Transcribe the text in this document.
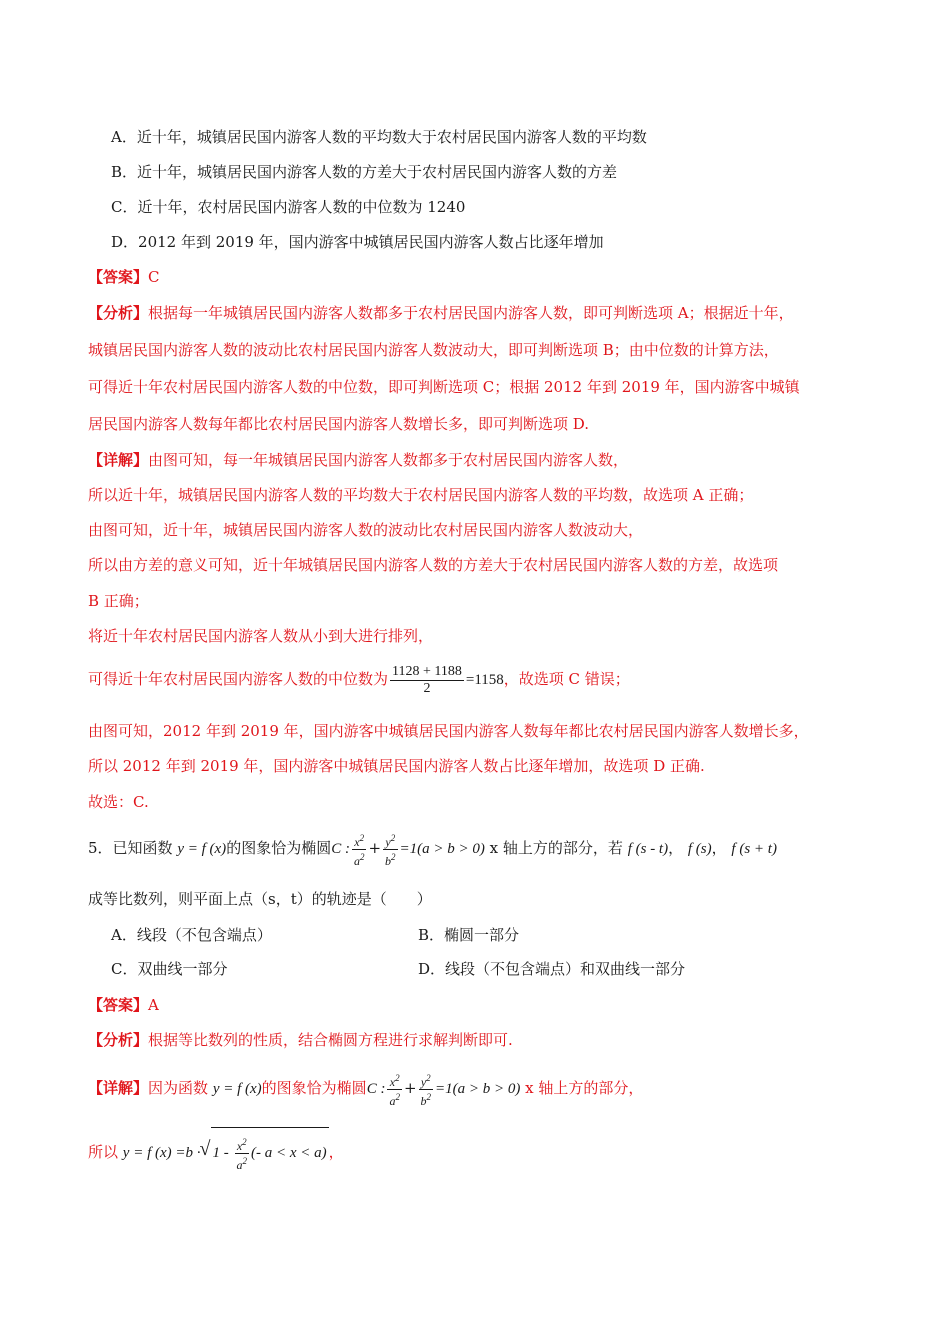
A．近十年，城镇居民国内游客人数的平均数大于农村居民国内游客人数的平均数
B．近十年，城镇居民国内游客人数的方差大于农村居民国内游客人数的方差
C．近十年，农村居民国内游客人数的中位数为 1240
D．2012 年到 2019 年，国内游客中城镇居民国内游客人数占比逐年增加
【答案】C
【分析】根据每一年城镇居民国内游客人数都多于农村居民国内游客人数，即可判断选项 A；根据近十年，
城镇居民国内游客人数的波动比农村居民国内游客人数波动大，即可判断选项 B；由中位数的计算方法，
可得近十年农村居民国内游客人数的中位数，即可判断选项 C；根据 2012 年到 2019 年，国内游客中城镇
居民国内游客人数每年都比农村居民国内游客人数增长多，即可判断选项 D.
【详解】由图可知，每一年城镇居民国内游客人数都多于农村居民国内游客人数，
所以近十年，城镇居民国内游客人数的平均数大于农村居民国内游客人数的平均数，故选项 A 正确；
由图可知，近十年，城镇居民国内游客人数的波动比农村居民国内游客人数波动大，
所以由方差的意义可知，近十年城镇居民国内游客人数的方差大于农村居民国内游客人数的方差，故选项
B 正确；
将近十年农村居民国内游客人数从小到大进行排列，
可得近十年农村居民国内游客人数的中位数为 $\frac{1128 + 1188}{2} =1158$，故选项 C 错误；
由图可知，2012 年到 2019 年，国内游客中城镇居民国内游客人数每年都比农村居民国内游客人数增长多，
所以 2012 年到 2019 年，国内游客中城镇居民国内游客人数占比逐年增加，故选项 D 正确.
故选：C.
5．已知函数 y = f (x)的图象恰为椭圆C : $\frac{x^2}{a^2} + \frac{y^2}{b^2} =1(a > b > 0)$ x 轴上方的部分，若 f (s - t)， f (s)， f (s + t)
成等比数列，则平面上点（s，t）的轨迹是（　　）
A．线段（不包含端点）	B．椭圆一部分
C．双曲线一部分	D．线段（不包含端点）和双曲线一部分
【答案】A
【分析】根据等比数列的性质，结合椭圆方程进行求解判断即可.
【详解】因为函数 y = f (x)的图象恰为椭圆C : $\frac{x^2}{a^2} + \frac{y^2}{b^2} =1(a > b > 0)$ x 轴上方的部分，
所以 y = f (x) =b ·√ $1 - \frac{x^2}{a^2}$ (- a < x < a) ，
